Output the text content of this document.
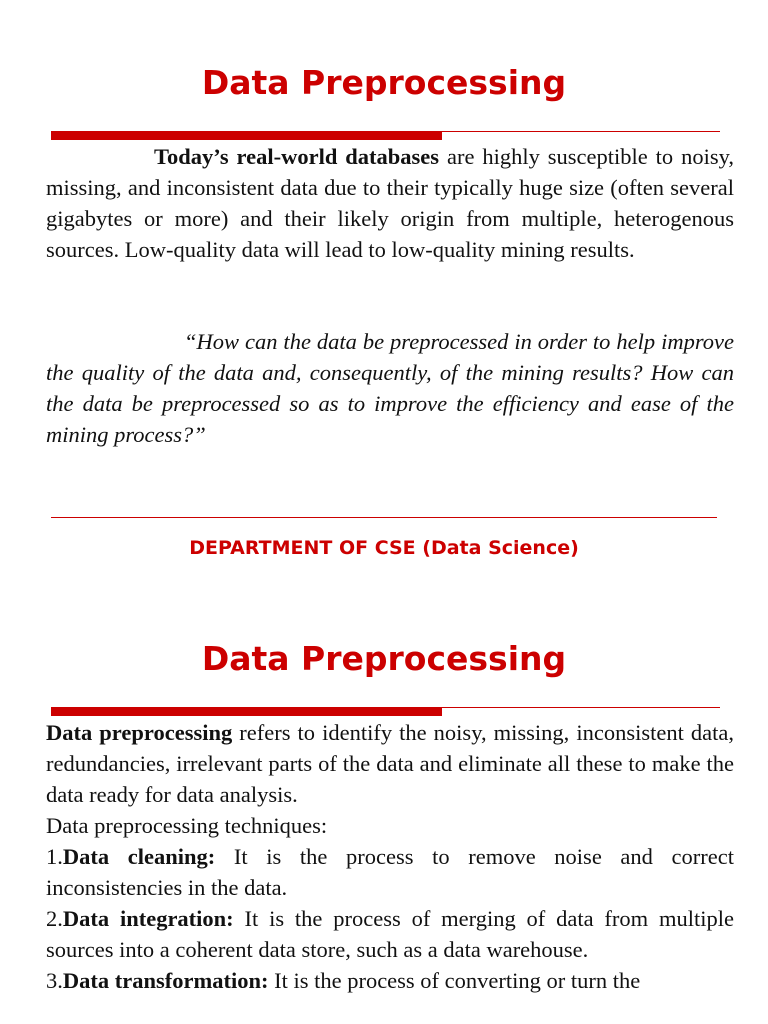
Data Preprocessing

Today’s real-world databases are highly susceptible to noisy, missing, and inconsistent data due to their typically huge size (often several gigabytes or more) and their likely origin from multiple, heterogenous sources. Low-quality data will lead to low-quality mining results.

“How can the data be preprocessed in order to help improve the quality of the data and, consequently, of the mining results? How can the data be preprocessed so as to improve the efficiency and ease of the mining process?”

DEPARTMENT OF CSE (Data Science)

Data Preprocessing

Data preprocessing refers to identify the noisy, missing, inconsistent data, redundancies, irrelevant parts of the data and eliminate all these to make the data ready for data analysis.

Data preprocessing techniques:

1.Data cleaning: It is the process to remove noise and correct inconsistencies in the data.

2.Data integration: It is the process of merging of data from multiple sources into a coherent data store, such as a data warehouse.

3.Data transformation: It is the process of converting or turn the
